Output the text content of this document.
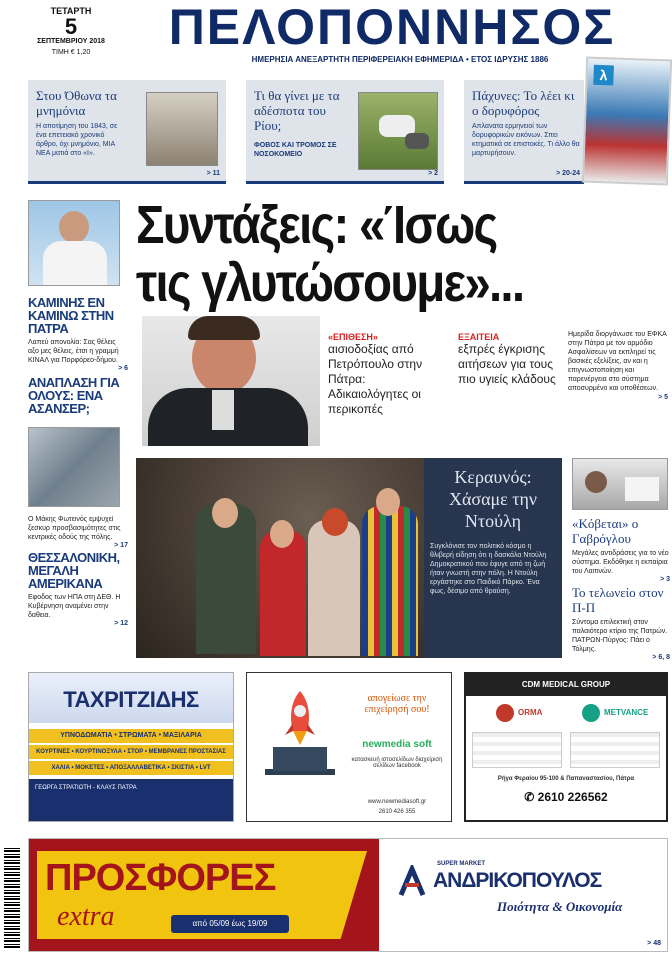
ΤΕΤΑΡΤΗ
5
ΣΕΠΤΕΜΒΡΙΟΥ 2018
ΤΙΜΗ € 1,20	ΠΕΛΟΠΟΝΝΗΣΟΣ
ΗΜΕΡΗΣΙΑ ΑΝΕΞΑΡΤΗΤΗ ΠΕΡΙΦΕΡΕΙΑΚΗ ΕΦΗΜΕΡΙΔΑ • ΕΤΟΣ ΙΔΡΥΣΗΣ 1886
Στου Όθωνα τα μνημόνια
Η αποτίμηση του 1843, σε ένα επετειακό χρονικό άρθρο, όχι μνημόνιο, ΜΙΑ ΝΕΑ ματιά στο «Ι».
> 11
Τι θα γίνει με τα αδέσποτα του Ρίου;
ΦΟΒΟΣ ΚΑΙ ΤΡΟΜΟΣ ΣΕ ΝΟΣΟΚΟΜΕΙΟ
> 2
Πάχυνες: Το λέει κι ο δορυφόρος
Απλανατα ερμηνειοί των δορυφορικών εικόνων. Σπει κτηματικά σε επιστοκές. Τι άλλο θα μαρτυρήσουν.
> 20-24
λ
ΚΑΜΙΝΗΣ ΕΝ ΚΑΜΙΝΩ ΣΤΗΝ ΠΑΤΡΑ
Λαπεύ απονολία: Σας θέλεις αξο μες θέλεις, έτσι η γραμμή ΚΙΝΑΛ για Πορφόρεο-δήμου.
> 6
ΑΝΑΠΛΑΣΗ ΓΙΑ ΟΛΟΥΣ: ΕΝΑ ΑΣΑΝΣΕΡ;
Ο Μάκης Φωτεινός εμψυχεί ξεσκυρ προσβασιμότητες στις κεντρικές οδούς της πόλης.
> 17
ΘΕΣΣΑΛΟΝΙΚΗ, ΜΕΓΑΛΗ ΑΜΕΡΙΚΑΝΑ
Εφοδος των ΗΠΑ στη ΔΕΘ. Η Κυβέρνηση αναμένει στην δαθεια.
> 12
Συντάξεις: «Ίσως
τις γλυτώσουμε»...
«ΕΠΙΘΕΣΗ»
αισιοδοξίας από Πετρόπουλο στην Πάτρα: Αδικαιολόγητες οι περικοπές
ΕΞΑΙΤΕΙΑ
εξπρές έγκρισης αιτήσεων για τους πιο υγιείς κλάδους
Ημερίδα διοργάνωσε του ΕΦΚΑ στην Πάτρα με τον αρμόδιο Ασφαλίσεων να εκπληρεί τις βασικές εξελίξεις, αν και η επιγνωστοποίηση και παρενέργεια στο σύστημα αποσυρμένο και υποθέσεων.
> 5
Κεραυνός: Χάσαμε την Ντούλη
Συγκλόνισε τον πολιτικό κόσμο η θλιβερή είδηση ότι η δασκάλα Ντούλη Δημοκρατικού που έφυγε από τη ζωή ήταν γνωστή στην πόλη. Η Ντούλη εργάστηκε στο Παιδικό Πάρκο. Ένα φως, δέσιμο από θραύση.
«Κόβεται» ο Γαβρόγλου
Μεγάλες αντιδράσεις για το νέο σύστημα. Εκδόθηκε η εκπαίρια του Λαιτινών.
> 3
Το τελωνείο στον Π-Π
Σύντομα επιλεκτική στον παλαιότερο κτίριο της Πατρών. ΠΑΤΡΩΝ-Πύργος: Πάει ο Τόλμης.
> 6, 8
ΤΑΧΡΙΤΖΙΔΗΣ
ΥΠΝΟΔΩΜΑΤΙΑ • ΣΤΡΩΜΑΤΑ • ΜΑΞΙΛΑΡΙΑ
ΚΟΥΡΤΙΝΕΣ • ΚΟΥΡΤΙΝΟΞΥΛΑ • ΣΤΟΡ • ΜΕΜΒΡΑΝΕΣ ΠΡΟΣΤΑΣΙΑΣ
ΧΑΛΙΑ • ΜΟΚΕΤΕΣ • ΑΠΟΞΑΛΛΑΒΕΤΙΚΑ • ΣΚΙΣΤΙΑ • LVT
ΓΕΩΡΓΑ ΣΤΡΑΤΙΩΤΗ - ΚΛΑΥΣ ΠΑΤΡΑ
απογείωσε την επιχείρησή σου!
newmedia soft
κατασκευή ιστοσελίδων διαχείριση σελίδων facebook
www.newmediasoft.gr
2610 426 355
CDM MEDICAL GROUP
ORMA	METVANCE
Ρήγα Φεραίου 95-100 & Παπαναστασίου, Πάτρα
✆ 2610 226562
ΠΡΟΣΦΟΡΕΣ
extra	από 05/09 έως 19/09
SUPER MARKET
ΑΝΔΡΙΚΟΠΟΥΛΟΣ
Ποιότητα & Οικονομία
> 48
